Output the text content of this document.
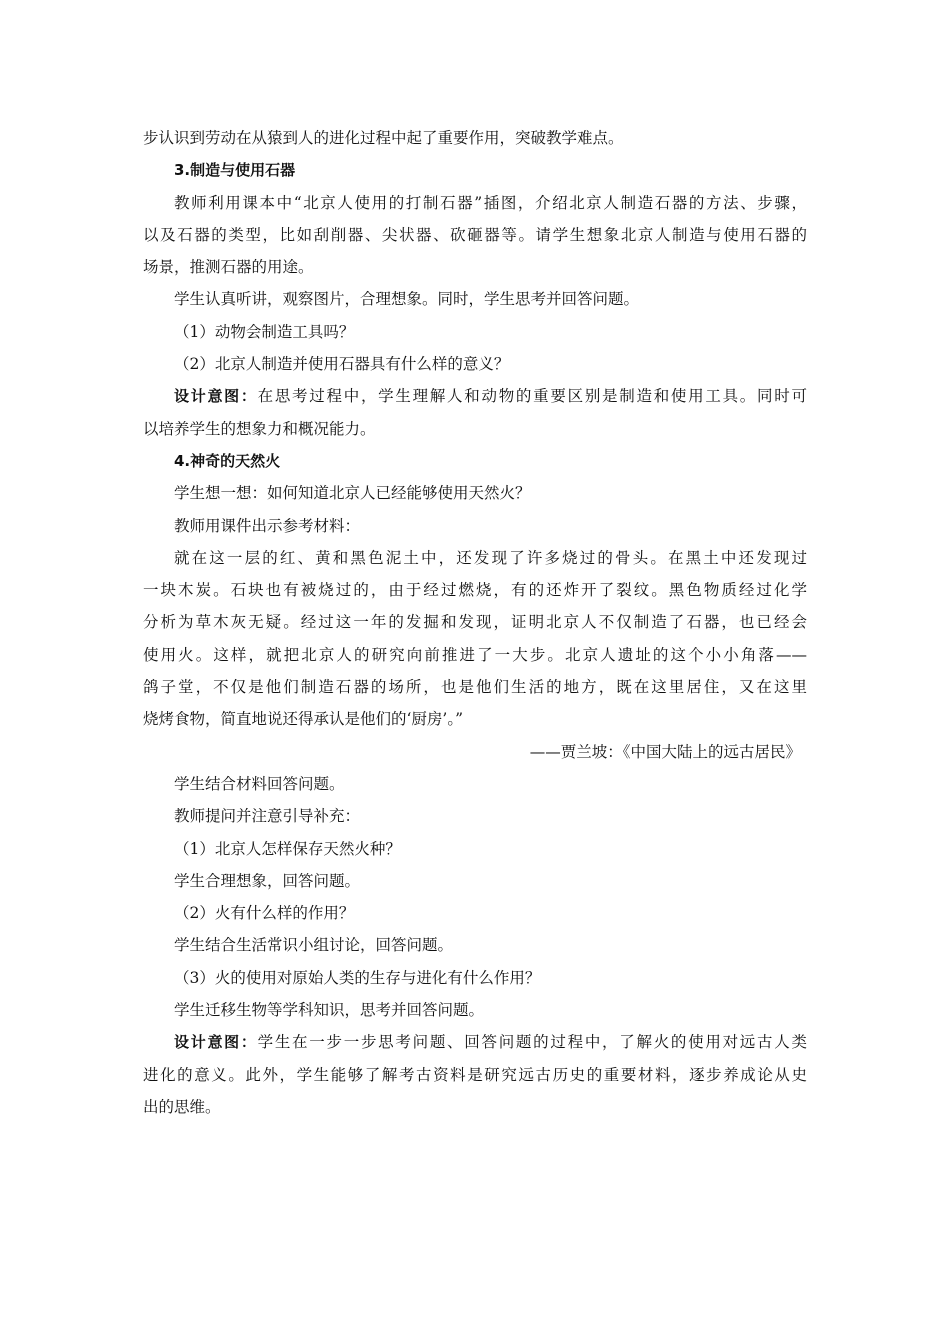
步认识到劳动在从猿到人的进化过程中起了重要作用，突破教学难点。

3.制造与使用石器

教师利用课本中“北京人使用的打制石器”插图，介绍北京人制造石器的方法、步骤，

以及石器的类型，比如刮削器、尖状器、砍砸器等。请学生想象北京人制造与使用石器的

场景，推测石器的用途。

学生认真听讲，观察图片，合理想象。同时，学生思考并回答问题。

（1）动物会制造工具吗？

（2）北京人制造并使用石器具有什么样的意义？

设计意图：在思考过程中，学生理解人和动物的重要区别是制造和使用工具。同时可

以培养学生的想象力和概况能力。

4.神奇的天然火

学生想一想：如何知道北京人已经能够使用天然火？

教师用课件出示参考材料：

就在这一层的红、黄和黑色泥土中，还发现了许多烧过的骨头。在黑土中还发现过

一块木炭。石块也有被烧过的，由于经过燃烧，有的还炸开了裂纹。黑色物质经过化学

分析为草木灰无疑。经过这一年的发掘和发现，证明北京人不仅制造了石器，也已经会

使用火。这样，就把北京人的研究向前推进了一大步。北京人遗址的这个小小角落——

鸽子堂，不仅是他们制造石器的场所，也是他们生活的地方，既在这里居住，又在这里

烧烤食物，简直地说还得承认是他们的‘厨房’。”

——贾兰坡：《中国大陆上的远古居民》

学生结合材料回答问题。

教师提问并注意引导补充：

（1）北京人怎样保存天然火种？

学生合理想象，回答问题。

（2）火有什么样的作用？

学生结合生活常识小组讨论，回答问题。

（3）火的使用对原始人类的生存与进化有什么作用？

学生迁移生物等学科知识，思考并回答问题。

设计意图：学生在一步一步思考问题、回答问题的过程中，了解火的使用对远古人类

进化的意义。此外，学生能够了解考古资料是研究远古历史的重要材料，逐步养成论从史

出的思维。
